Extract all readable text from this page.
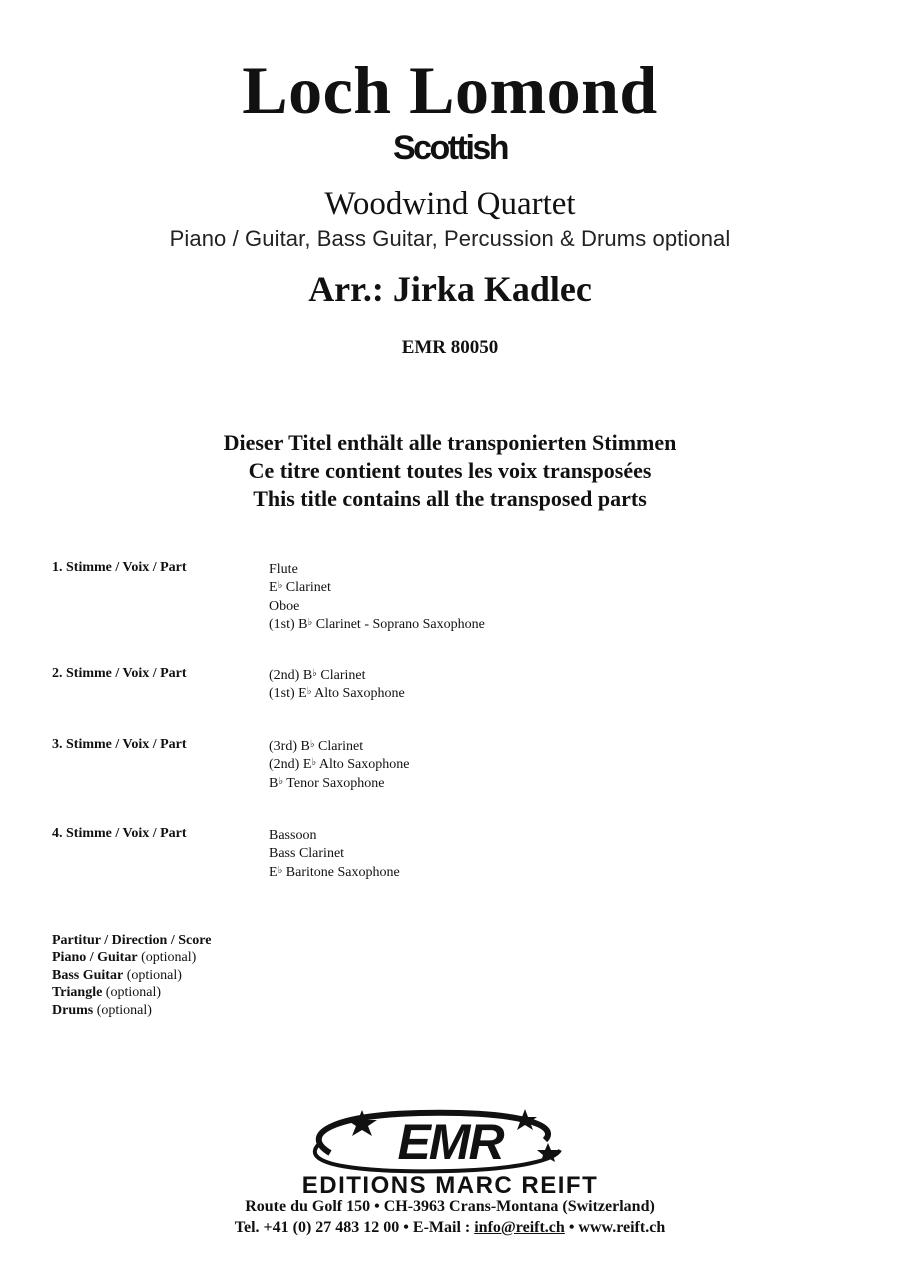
Loch Lomond
Scottish
Woodwind Quartet
Piano / Guitar, Bass Guitar, Percussion & Drums optional
Arr.: Jirka Kadlec
EMR 80050
Dieser Titel enthält alle transponierten Stimmen
Ce titre contient toutes les voix transposées
This title contains all the transposed parts
1. Stimme / Voix / Part	Flute
E♭ Clarinet
Oboe
(1st) B♭ Clarinet - Soprano Saxophone
2. Stimme / Voix / Part	(2nd) B♭ Clarinet
(1st) E♭ Alto Saxophone
3. Stimme / Voix / Part	(3rd) B♭ Clarinet
(2nd) E♭ Alto Saxophone
B♭ Tenor Saxophone
4. Stimme / Voix / Part	Bassoon
Bass Clarinet
E♭ Baritone Saxophone
Partitur / Direction / Score
Piano / Guitar (optional)
Bass Guitar (optional)
Triangle (optional)
Drums (optional)
EMR
EDITIONS MARC REIFT
Route du Golf 150 • CH-3963 Crans-Montana (Switzerland)
Tel. +41 (0) 27 483 12 00 • E-Mail : info@reift.ch • www.reift.ch
